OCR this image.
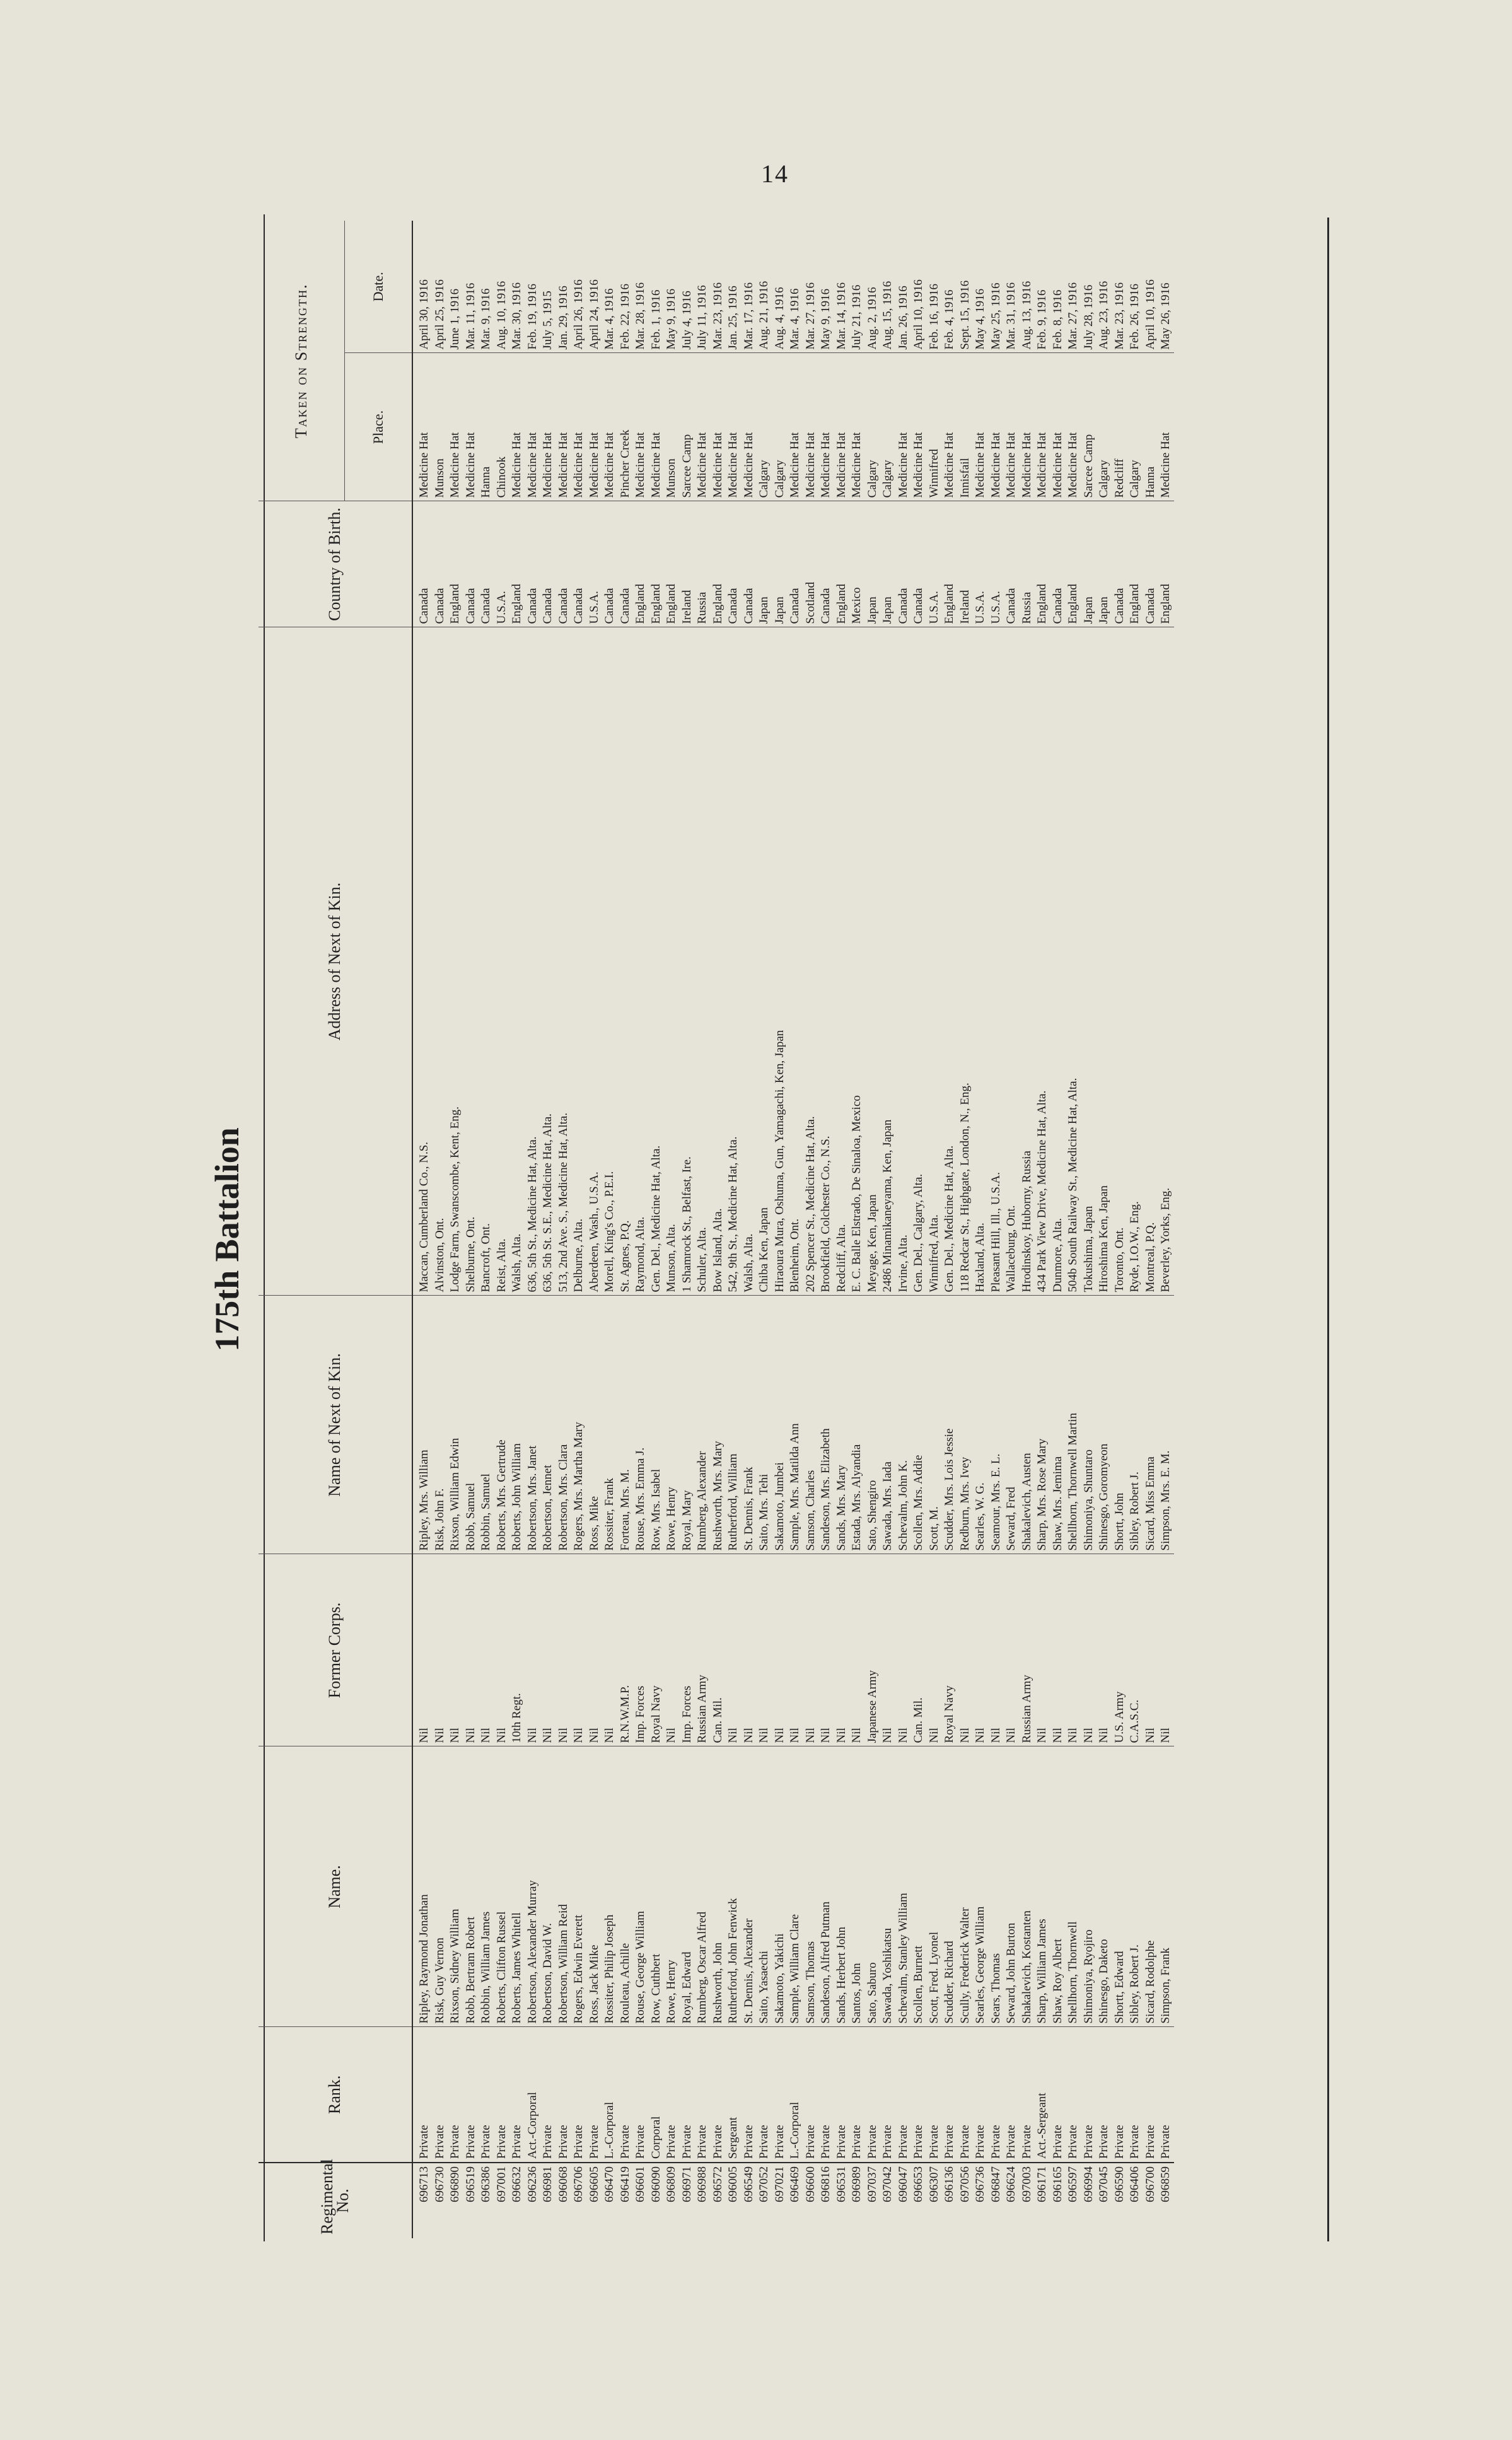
14
175th Battalion
Regimental No.	Rank.	Name.	Former Corps.	Name of Next of Kin.	Address of Next of Kin.	Country of Birth.	Taken on Strength.	
							Place.	Date.
696713	Private	Ripley, Raymond Jonathan	Nil	Ripley, Mrs. William	Maccan, Cumberland Co., N.S.	Canada	Medicine Hat	April 30, 1916
696730	Private	Risk, Guy Vernon	Nil	Risk, John F.	Alvinston, Ont.	Canada	Munson	April 25, 1916
696890	Private	Rixson, Sidney William	Nil	Rixson, William Edwin	Lodge Farm, Swanscombe, Kent, Eng.	England	Medicine Hat	June 1, 1916
696519	Private	Robb, Bertram Robert	Nil	Robb, Samuel	Shelburne, Ont.	Canada	Medicine Hat	Mar. 11, 1916
696386	Private	Robbin, William James	Nil	Robbin, Samuel	Bancroft, Ont.	Canada	Hanna	Mar. 9, 1916
697001	Private	Roberts, Clifton Russel	Nil	Roberts, Mrs. Gertrude	Reist, Alta.	U.S.A.	Chinook	Aug. 10, 1916
696632	Private	Roberts, James Whitell	10th Regt.	Roberts, John William	Walsh, Alta.	England	Medicine Hat	Mar. 30, 1916
696236	Act.-Corporal	Robertson, Alexander Murray	Nil	Robertson, Mrs. Janet	636, 5th St., Medicine Hat, Alta.	Canada	Medicine Hat	Feb. 19, 1916
696981	Private	Robertson, David W.	Nil	Robertson, Jennet	636, 5th St. S.E., Medicine Hat, Alta.	Canada	Medicine Hat	July 5, 1915
696068	Private	Robertson, William Reid	Nil	Robertson, Mrs. Clara	513, 2nd Ave. S., Medicine Hat, Alta.	Canada	Medicine Hat	Jan. 29, 1916
696706	Private	Rogers, Edwin Everett	Nil	Rogers, Mrs. Martha Mary	Delburne, Alta.	Canada	Medicine Hat	April 26, 1916
696605	Private	Ross, Jack Mike	Nil	Ross, Mike	Aberdeen, Wash., U.S.A.	U.S.A.	Medicine Hat	April 24, 1916
696470	L.-Corporal	Rossiter, Philip Joseph	Nil	Rossiter, Frank	Morell, King's Co., P.E.I.	Canada	Medicine Hat	Mar. 4, 1916
696419	Private	Rouleau, Achille	R.N.W.M.P.	Forteau, Mrs. M.	St. Agnes, P.Q.	Canada	Pincher Creek	Feb. 22, 1916
696601	Private	Rouse, George William	Imp. Forces	Rouse, Mrs. Emma J.	Raymond, Alta.	England	Medicine Hat	Mar. 28, 1916
696090	Corporal	Row, Cuthbert	Royal Navy	Row, Mrs. Isabel	Gen. Del., Medicine Hat, Alta.	England	Medicine Hat	Feb. 1, 1916
696809	Private	Rowe, Henry	Nil	Rowe, Henry	Munson, Alta.	England	Munson	May 9, 1916
696971	Private	Royal, Edward	Imp. Forces	Royal, Mary	1 Shamrock St., Belfast, Ire.	Ireland	Sarcee Camp	July 4, 1916
696988	Private	Rumberg, Oscar Alfred	Russian Army	Rumberg, Alexander	Schuler, Alta.	Russia	Medicine Hat	July 11, 1916
696572	Private	Rushworth, John	Can. Mil.	Rushworth, Mrs. Mary	Bow Island, Alta.	England	Medicine Hat	Mar. 23, 1916
696005	Sergeant	Rutherford, John Fenwick	Nil	Rutherford, William	542, 9th St., Medicine Hat, Alta.	Canada	Medicine Hat	Jan. 25, 1916
696549	Private	St. Dennis, Alexander	Nil	St. Dennis, Frank	Walsh, Alta.	Canada	Medicine Hat	Mar. 17, 1916
697052	Private	Saito, Yasaechi	Nil	Saito, Mrs. Tehi	Chiba Ken, Japan	Japan	Calgary	Aug. 21, 1916
697021	Private	Sakamoto, Yakichi	Nil	Sakamoto, Jumbei	Hiraoura Mura, Oshuma, Gun, Yamagachi, Ken, Japan	Japan	Calgary	Aug. 4, 1916
696469	L.-Corporal	Sample, William Clare	Nil	Sample, Mrs. Matilda Ann	Blenheim, Ont.	Canada	Medicine Hat	Mar. 4, 1916
696600	Private	Samson, Thomas	Nil	Samson, Charles	202 Spencer St., Medicine Hat, Alta.	Scotland	Medicine Hat	Mar. 27, 1916
696816	Private	Sandeson, Alfred Putman	Nil	Sandeson, Mrs. Elizabeth	Brookfield, Colchester Co., N.S.	Canada	Medicine Hat	May 9, 1916
696531	Private	Sands, Herbert John	Nil	Sands, Mrs. Mary	Redcliff, Alta.	England	Medicine Hat	Mar. 14, 1916
696989	Private	Santos, John	Nil	Estada, Mrs. Alyandia	E. C. Balle Elstrado, De Sinaloa, Mexico	Mexico	Medicine Hat	July 21, 1916
697037	Private	Sato, Saburo	Japanese Army	Sato, Shengiro	Meyage, Ken, Japan	Japan	Calgary	Aug. 2, 1916
697042	Private	Sawada, Yoshikatsu	Nil	Sawada, Mrs. Iada	2486 Minamikaneyama, Ken, Japan	Japan	Calgary	Aug. 15, 1916
696047	Private	Schevalm, Stanley William	Nil	Schevalm, John K.	Irvine, Alta.	Canada	Medicine Hat	Jan. 26, 1916
696653	Private	Scollen, Burnett	Can. Mil.	Scollen, Mrs. Addie	Gen. Del., Calgary, Alta.	Canada	Medicine Hat	April 10, 1916
696307	Private	Scott, Fred. Lyonel	Nil	Scott, M.	Winnifred, Alta.	U.S.A.	Winnifred	Feb. 16, 1916
696136	Private	Scudder, Richard	Royal Navy	Scudder, Mrs. Lois Jessie	Gen. Del., Medicine Hat, Alta.	England	Medicine Hat	Feb. 4, 1916
697056	Private	Scully, Frederick Walter	Nil	Redburn, Mrs. Ivey	118 Redcar St., Highgate, London, N., Eng.	Ireland	Innisfail	Sept. 15, 1916
696736	Private	Searles, George William	Nil	Searles, W. G.	Haxland, Alta.	U.S.A.	Medicine Hat	May 4, 1916
696847	Private	Sears, Thomas	Nil	Seamour, Mrs. E. L.	Pleasant Hill, Ill., U.S.A.	U.S.A.	Medicine Hat	May 25, 1916
696624	Private	Seward, John Burton	Nil	Seward, Fred	Wallaceburg, Ont.	Canada	Medicine Hat	Mar. 31, 1916
697003	Private	Shakalevich, Kostanten	Russian Army	Shakalevich, Austen	Hrodinskoy, Huborny, Russia	Russia	Medicine Hat	Aug. 13, 1916
696171	Act.-Sergeant	Sharp, William James	Nil	Sharp, Mrs. Rose Mary	434 Park View Drive, Medicine Hat, Alta.	England	Medicine Hat	Feb. 9, 1916
696165	Private	Shaw, Roy Albert	Nil	Shaw, Mrs. Jemima	Dunmore, Alta.	Canada	Medicine Hat	Feb. 8, 1916
696597	Private	Shellhorn, Thornwell	Nil	Shellhorn, Thornwell Martin	504b South Railway St., Medicine Hat, Alta.	England	Medicine Hat	Mar. 27, 1916
696994	Private	Shimoniya, Ryojiro	Nil	Shimoniya, Shuntaro	Tokushima, Japan	Japan	Sarcee Camp	July 28, 1916
697045	Private	Shinesgo, Daketo	Nil	Shinesgo, Goromyeon	Hiroshima Ken, Japan	Japan	Calgary	Aug. 23, 1916
696590	Private	Shortt, Edward	U.S. Army	Shortt, John	Toronto, Ont.	Canada	Redcliff	Mar. 23, 1916
696406	Private	Sibley, Robert J.	C.A.S.C.	Sibley, Robert J.	Ryde, I.O.W., Eng.	England	Calgary	Feb. 26, 1916
696700	Private	Sicard, Rodolphe	Nil	Sicard, Miss Emma	Montreal, P.Q.	Canada	Hanna	April 10, 1916
696859	Private	Simpson, Frank	Nil	Simpson, Mrs. E. M.	Beverley, Yorks, Eng.	England	Medicine Hat	May 26, 1916
